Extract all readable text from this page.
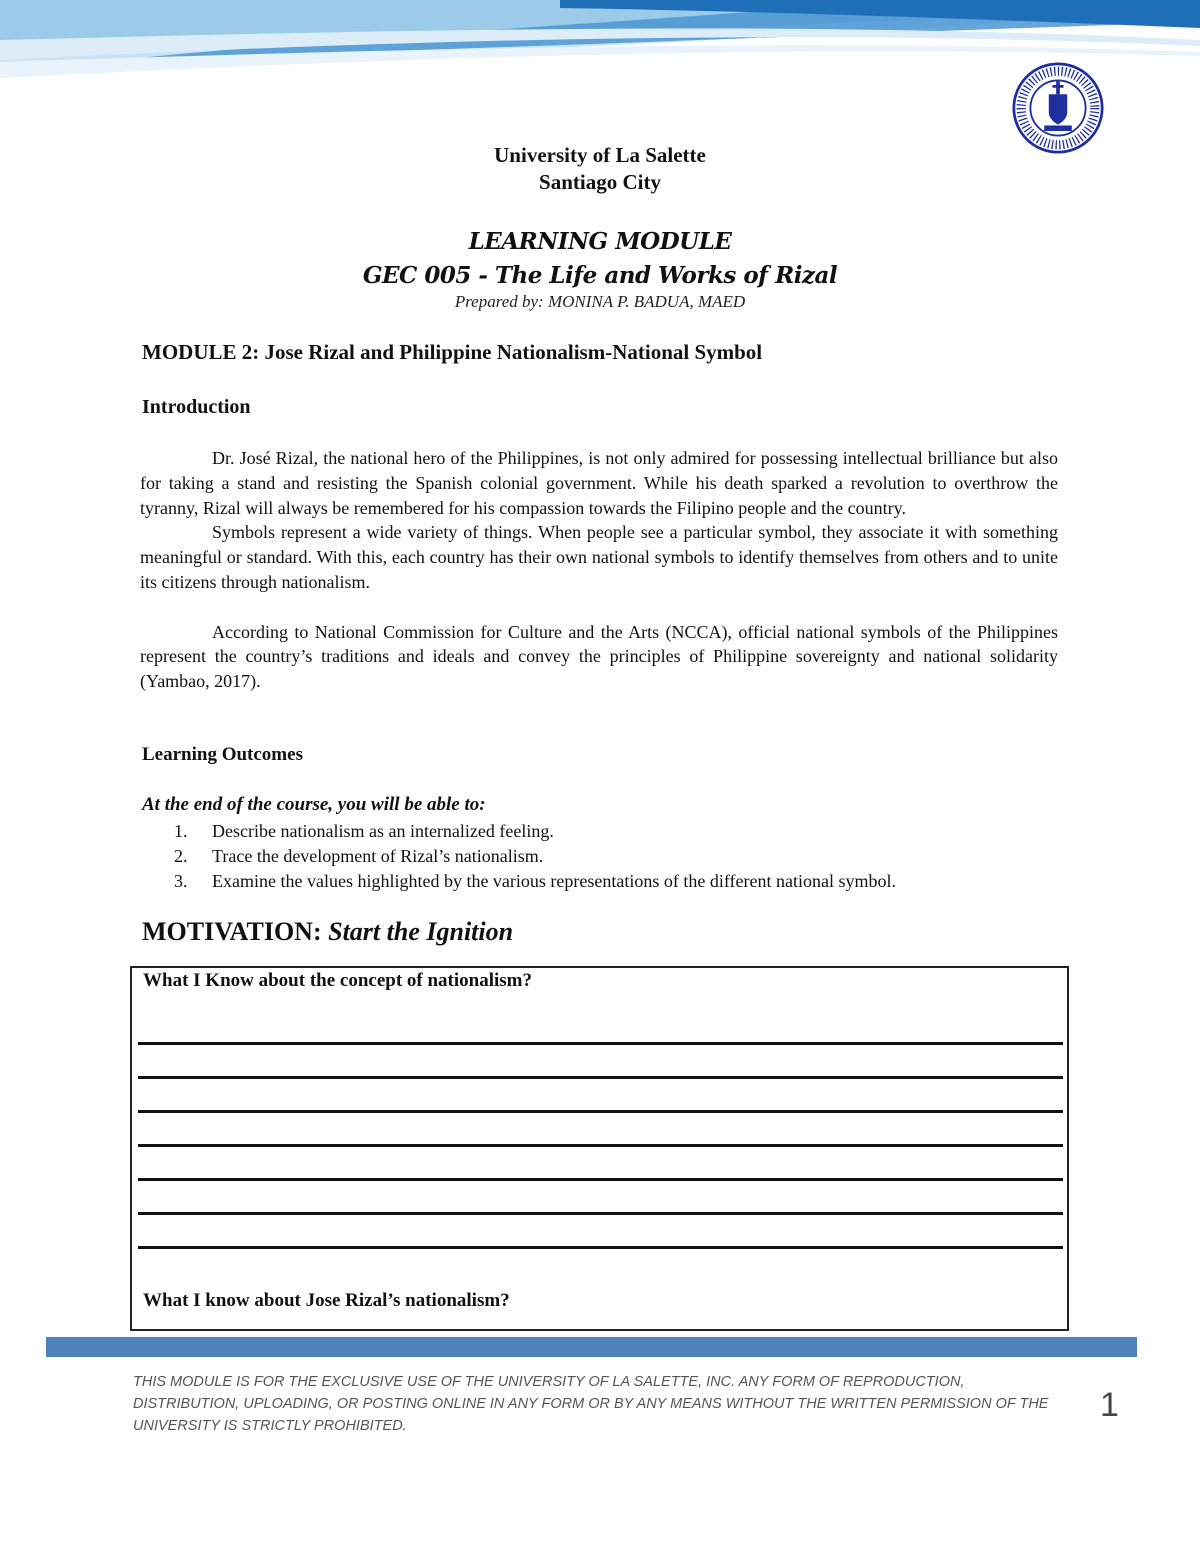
University of La Salette
Santiago City
LEARNING MODULE
GEC 005 - The Life and Works of Rizal
Prepared by: MONINA P. BADUA, MAED
MODULE 2: Jose Rizal and Philippine Nationalism-National Symbol
Introduction

Dr. José Rizal, the national hero of the Philippines, is not only admired for possessing intellectual brilliance but also for taking a stand and resisting the Spanish colonial government. While his death sparked a revolution to overthrow the tyranny, Rizal will always be remembered for his compassion towards the Filipino people and the country.

Symbols represent a wide variety of things. When people see a particular symbol, they associate it with something meaningful or standard. With this, each country has their own national symbols to identify themselves from others and to unite its citizens through nationalism.

According to National Commission for Culture and the Arts (NCCA), official national symbols of the Philippines represent the country’s traditions and ideals and convey the principles of Philippine sovereignty and national solidarity (Yambao, 2017).

Learning Outcomes
At the end of the course, you will be able to:
1. Describe nationalism as an internalized feeling.
2. Trace the development of Rizal’s nationalism.
3. Examine the values highlighted by the various representations of the different national symbol.
MOTIVATION: Start the Ignition
What I Know about the concept of nationalism?
What I know about Jose Rizal’s nationalism?
THIS MODULE IS FOR THE EXCLUSIVE USE OF THE UNIVERSITY OF LA SALETTE, INC. ANY FORM OF REPRODUCTION, DISTRIBUTION, UPLOADING, OR POSTING ONLINE IN ANY FORM OR BY ANY MEANS WITHOUT THE WRITTEN PERMISSION OF THE UNIVERSITY IS STRICTLY PROHIBITED.
1
